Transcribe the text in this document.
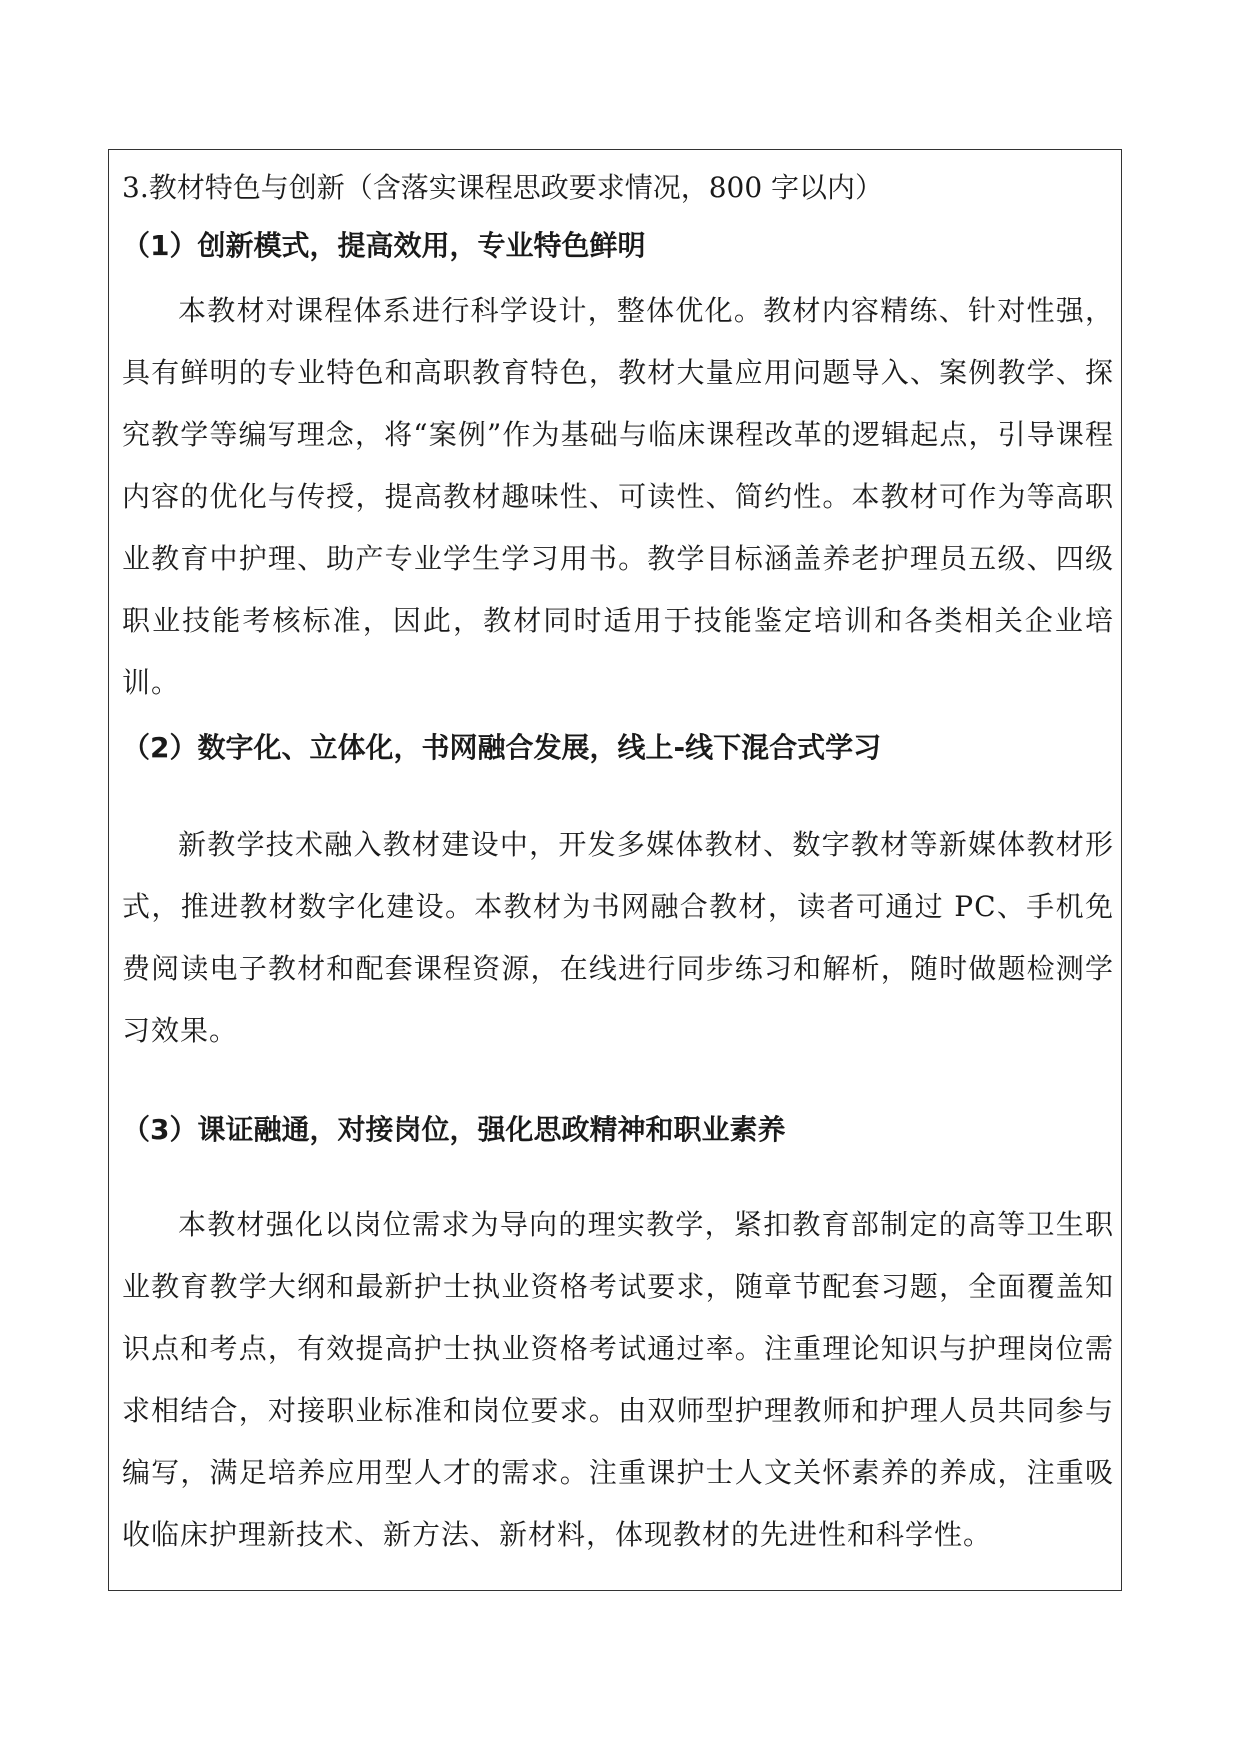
3.教材特色与创新（含落实课程思政要求情况，800 字以内）

（1）创新模式，提高效用，专业特色鲜明

本教材对课程体系进行科学设计，整体优化。教材内容精练、针对性强，具有鲜明的专业特色和高职教育特色，教材大量应用问题导入、案例教学、探究教学等编写理念，将“案例”作为基础与临床课程改革的逻辑起点，引导课程内容的优化与传授，提高教材趣味性、可读性、简约性。本教材可作为等高职业教育中护理、助产专业学生学习用书。教学目标涵盖养老护理员五级、四级职业技能考核标准，因此，教材同时适用于技能鉴定培训和各类相关企业培训。

（2）数字化、立体化，书网融合发展，线上-线下混合式学习

新教学技术融入教材建设中，开发多媒体教材、数字教材等新媒体教材形式，推进教材数字化建设。本教材为书网融合教材，读者可通过 PC、手机免费阅读电子教材和配套课程资源，在线进行同步练习和解析，随时做题检测学习效果。

（3）课证融通，对接岗位，强化思政精神和职业素养

本教材强化以岗位需求为导向的理实教学，紧扣教育部制定的高等卫生职业教育教学大纲和最新护士执业资格考试要求，随章节配套习题，全面覆盖知识点和考点，有效提高护士执业资格考试通过率。注重理论知识与护理岗位需求相结合，对接职业标准和岗位要求。由双师型护理教师和护理人员共同参与编写，满足培养应用型人才的需求。注重课护士人文关怀素养的养成，注重吸收临床护理新技术、新方法、新材料，体现教材的先进性和科学性。
